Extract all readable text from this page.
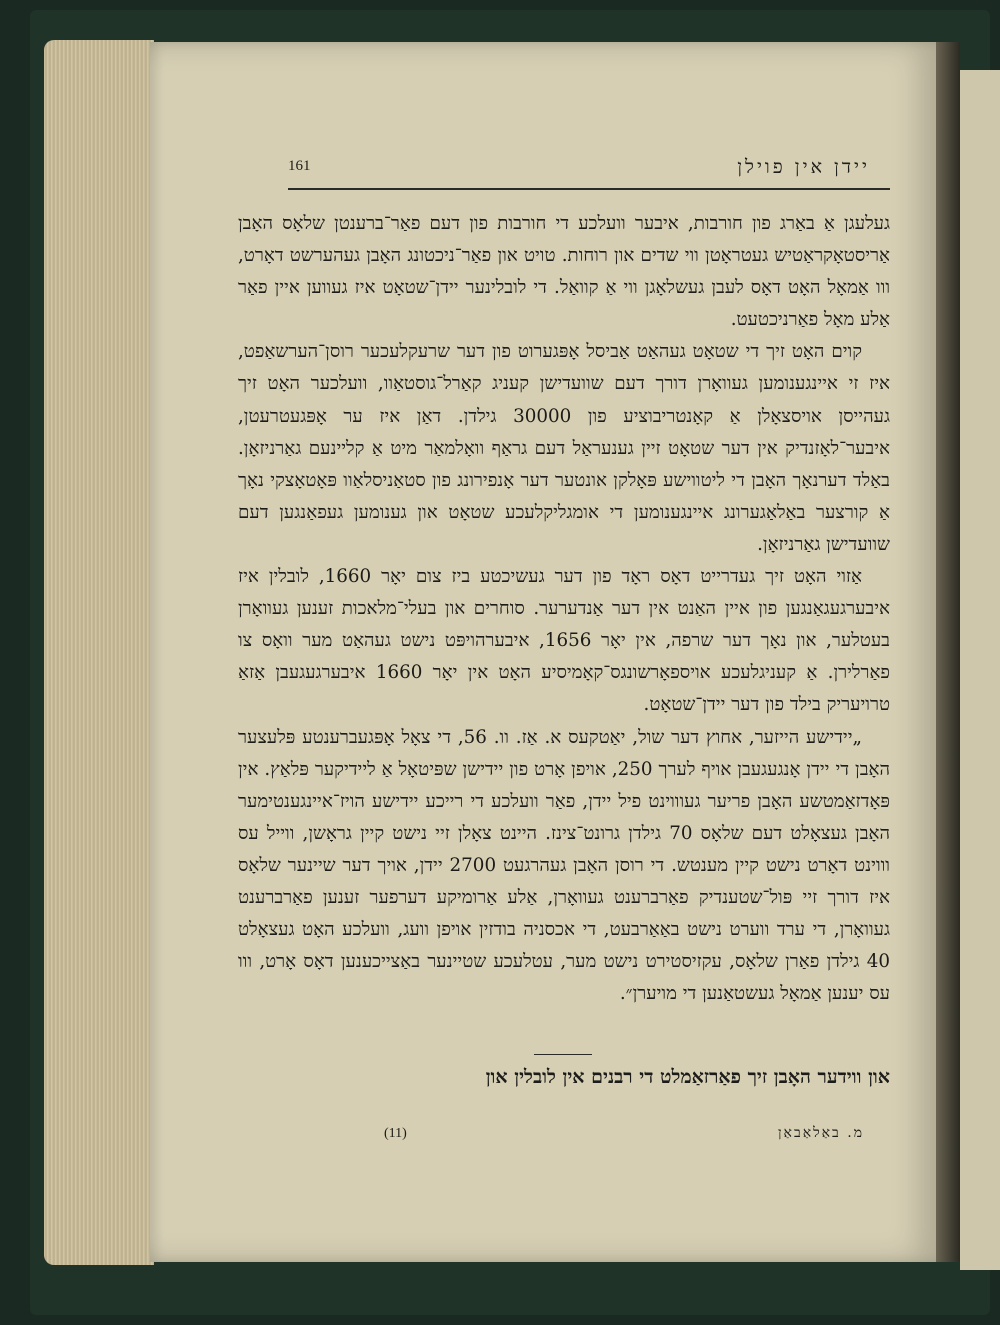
161	יידן אין פוילן

געלעגן אַ באַרג פון חורבות, איבער וועלכע די חורבות פון דעם פאַר־ברענטן שלאָס האָבן אַריסטאָקראַטיש געטראָטן ווי שדים און רוחות. טויט און פאַר־ניכטונג האָבן געהערשט דאָרט, ווו אַמאָל האָט דאָס לעבן געשלאָגן ווי אַ קוואַל. די לובלינער יידן־שטאָט איז געווען איין פאַר אַלע מאָל פאַרניכטעט.

קוים האָט זיך די שטאָט געהאַט אַביסל אָפּגערוט פון דער שרעקלעכער רוסן־הערשאַפט, איז זי איינגענומען געוואָרן דורך דעם שוועדישן קעניג קאַרל־גוסטאַוו, וועלכער האָט זיך געהייסן אויסצאָלן אַ קאָנטריבוציע פון 30000 גילדן. דאַן איז ער אָפּגעטרעטן, איבער־לאָזנדיק אין דער שטאָט זיין גענעראַל דעם גראַף וואָלמאַר מיט אַ קליינעם גאַרניזאָן. באַלד דערנאָך האָבן די ליטווישע פּאָלקן אונטער דער אָנפירונג פון סטאַניסלאַוו פּאָטאָצקי נאָך אַ קורצער באַלאַגערונג איינגענומען די אומגליקלעכע שטאָט און גענומען געפאַנגען דעם שוועדישן גאַרניזאָן.

אַזוי האָט זיך געדרייט דאָס ראָד פון דער געשיכטע ביז צום יאָר 1660, לובלין איז איבערגעגאַנגען פון איין האַנט אין דער אַנדערער. סוחרים און בעלי־מלאכות זענען געוואָרן בעטלער, און נאָך דער שרפה, אין יאָר 1656, איבערהויפּט נישט געהאַט מער וואָס צו פאַרלירן. אַ קעניגלעכע אויספאָרשונגס־קאָמיסיע האָט אין יאָר 1660 איבערגעגעבן אַזאַ טרויעריק בילד פון דער יידן־שטאָט.

„יידישע הייזער, אחוץ דער שול, יאַטקעס א. אַז. וו. 56, די צאָל אָפּגעברענטע פּלעצער האָבן די יידן אָנגעגעבן אויף לערך 250, אויפן אָרט פון יידישן שפּיטאָל אַ ליידיקער פּלאַץ. אין פּאָדזאַמטשע האָבן פריער געוווינט פיל יידן, פאַר וועלכע די רייכע יידישע הויז־איינגענטימער האָבן געצאָלט דעם שלאָס 70 גילדן גרונט־צינז. היינט צאָלן זיי נישט קיין גראָשן, ווייל עס וווינט דאָרט נישט קיין מענטש. די רוסן האָבן געהרגעט 2700 יידן, אויך דער שיינער שלאָס איז דורך זיי פּול־שטענדיק פאַרברענט געוואָרן, אַלע אַרומיקע דערפער זענען פאַרברענט געוואָרן, די ערד ווערט נישט באַאַרבעט, די אכסניה בודזין אויפן וועג, וועלכע האָט געצאָלט 40 גילדן פאַרן שלאָס, עקזיסטירט נישט מער, עטלעכע שטיינער באַצייכענען דאָס אָרט, ווו עס יענען אַמאָל געשטאַנען די מויערן״.

און ווידער האָבן זיך פאַרזאַמלט די רבנים אין לובלין און
מ. באַלאַבאַן
(11)
